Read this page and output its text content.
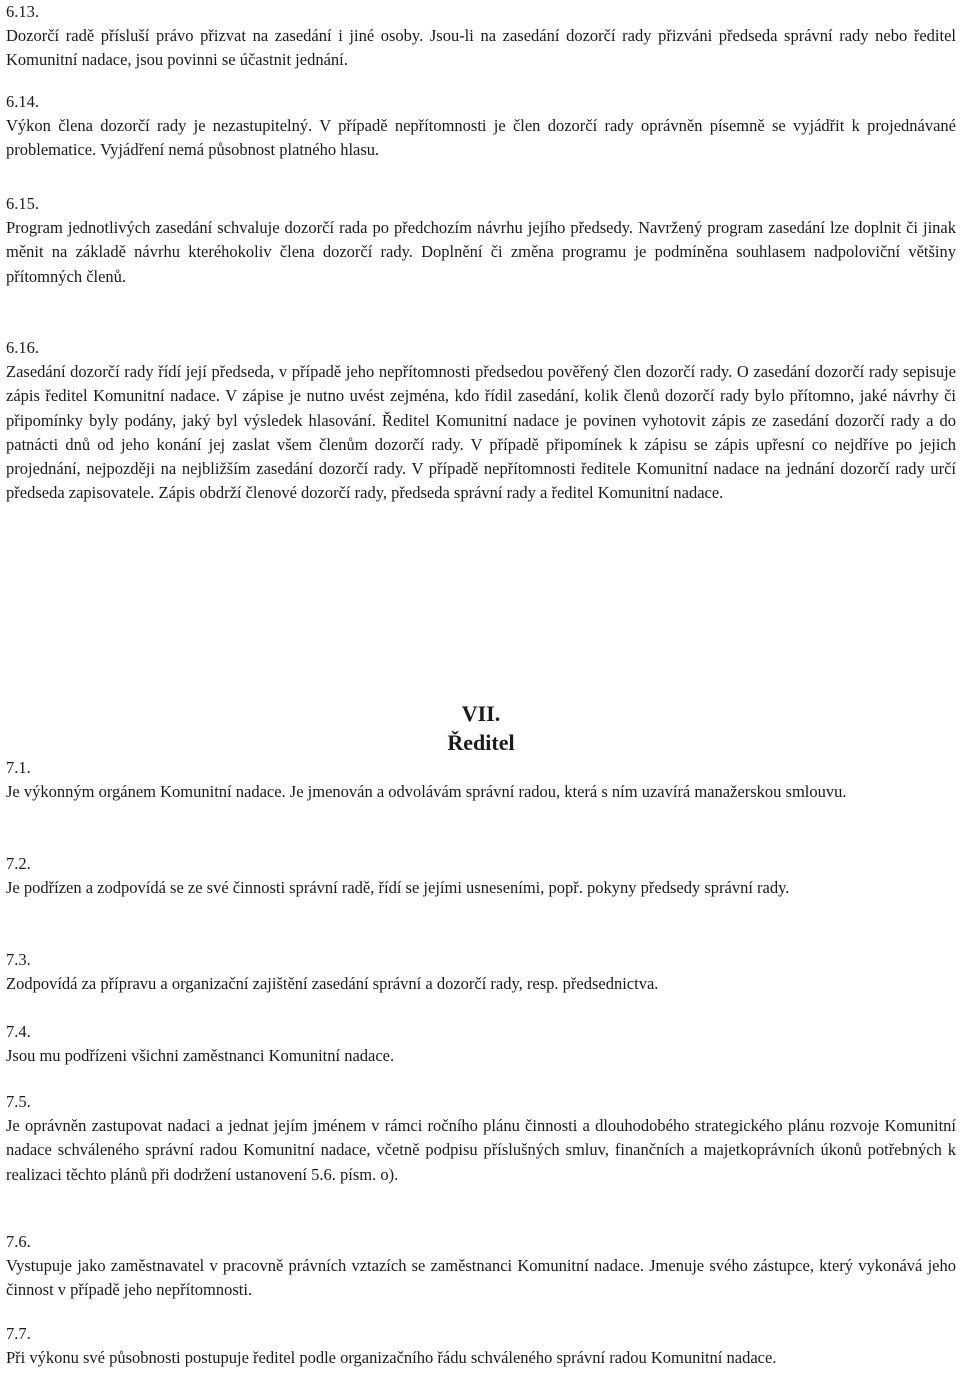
6.13.

Dozorčí radě přísluší právo přizvat na zasedání i jiné osoby. Jsou-li na zasedání dozorčí rady přizváni předseda správní rady nebo ředitel Komunitní nadace, jsou povinni se účastnit jednání.

6.14.

Výkon člena dozorčí rady je nezastupitelný. V případě nepřítomnosti je člen dozorčí rady oprávněn písemně se vyjádřit k projednávané problematice. Vyjádření nemá působnost platného hlasu.

6.15.

Program jednotlivých zasedání schvaluje dozorčí rada po předchozím návrhu jejího předsedy. Navržený program zasedání lze doplnit či jinak měnit na základě návrhu kteréhokoliv člena dozorčí rady. Doplnění či změna programu je podmíněna souhlasem nadpoloviční většiny přítomných členů.

6.16.

Zasedání dozorčí rady řídí její předseda, v případě jeho nepřítomnosti předsedou pověřený člen dozorčí rady. O zasedání dozorčí rady sepisuje zápis ředitel Komunitní nadace. V zápise je nutno uvést zejména, kdo řídil zasedání, kolik členů dozorčí rady bylo přítomno, jaké návrhy či připomínky byly podány, jaký byl výsledek hlasování. Ředitel Komunitní nadace je povinen vyhotovit zápis ze zasedání dozorčí rady a do patnácti dnů od jeho konání jej zaslat všem členům dozorčí rady. V případě připomínek k zápisu se zápis upřesní co nejdříve po jejich projednání, nejpozději na nejbližším zasedání dozorčí rady. V případě nepřítomnosti ředitele Komunitní nadace na jednání dozorčí rady určí předseda zapisovatele. Zápis obdrží členové dozorčí rady, předseda správní rady a ředitel Komunitní nadace.

VII.
Ředitel
7.1.

Je výkonným orgánem Komunitní nadace. Je jmenován a odvolávám správní radou, která s ním uzavírá manažerskou smlouvu.

7.2.

Je podřízen a zodpovídá se ze své činnosti správní radě, řídí se jejími usneseními, popř. pokyny předsedy správní rady.

7.3.

Zodpovídá za přípravu a organizační zajištění zasedání správní a dozorčí rady, resp. předsednictva.

7.4.

Jsou mu podřízeni všichni zaměstnanci Komunitní nadace.

7.5.

Je oprávněn zastupovat nadaci a jednat jejím jménem v rámci ročního plánu činnosti a dlouhodobého strategického plánu rozvoje Komunitní nadace schváleného správní radou Komunitní nadace, včetně podpisu příslušných smluv, finančních a majetkoprávních úkonů potřebných k realizaci těchto plánů při dodržení ustanovení 5.6. písm. o).

7.6.

Vystupuje jako zaměstnavatel v pracovně právních vztazích se zaměstnanci Komunitní nadace. Jmenuje svého zástupce, který vykonává jeho činnost v případě jeho nepřítomnosti.

7.7.

Při výkonu své působnosti postupuje ředitel podle organizačního řádu schváleného správní radou Komunitní nadace.
